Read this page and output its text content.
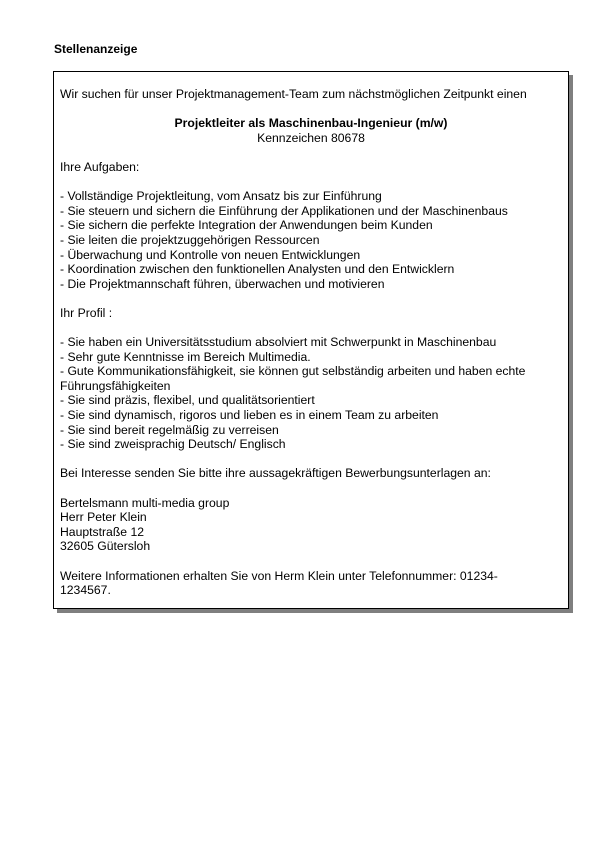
Stellenanzeige

Wir suchen für unser Projektmanagement-Team zum nächstmöglichen Zeitpunkt einen

Projektleiter als Maschinenbau-Ingenieur (m/w)

Kennzeichen 80678

Ihre Aufgaben:

- Vollständige Projektleitung, vom Ansatz bis zur Einführung
- Sie steuern und sichern die Einführung der Applikationen und der Maschinenbaus
- Sie sichern die perfekte Integration der Anwendungen beim Kunden
- Sie leiten die projektzuggehörigen Ressourcen
- Überwachung und Kontrolle von neuen Entwicklungen
- Koordination zwischen den funktionellen Analysten und den Entwicklern
- Die Projektmannschaft führen, überwachen und motivieren

Ihr Profil :

- Sie haben ein Universitätsstudium absolviert mit Schwerpunkt in Maschinenbau
- Sehr gute Kenntnisse im Bereich Multimedia.
- Gute Kommunikationsfähigkeit, sie können gut selbständig arbeiten und haben echte
Führungsfähigkeiten
- Sie sind präzis, flexibel, und qualitätsorientiert
- Sie sind dynamisch, rigoros und lieben es in einem Team zu arbeiten
- Sie sind bereit regelmäßig zu verreisen
- Sie sind zweisprachig Deutsch/ Englisch

Bei Interesse senden Sie bitte ihre aussagekräftigen Bewerbungsunterlagen an:

Bertelsmann multi-media group

Herr Peter Klein

Hauptstraße 12

32605 Gütersloh

Weitere Informationen erhalten Sie von Herm Klein unter Telefonnummer: 01234-

1234567.
